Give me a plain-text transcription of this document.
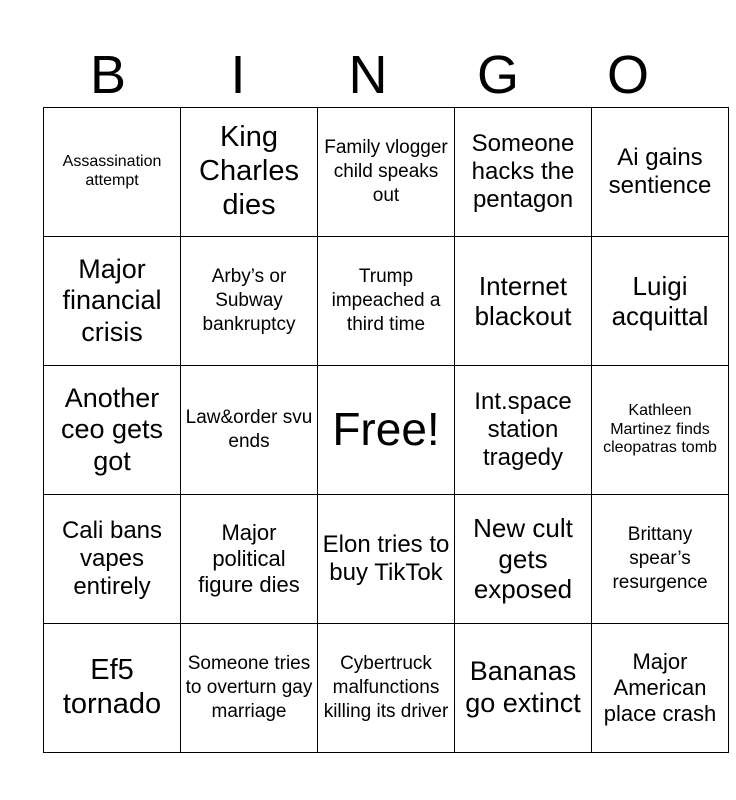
B	I	N	G	O
Assassination attempt	King Charles dies	Family vlogger child speaks out	Someone hacks the pentagon	Ai gains sentience
Major financial crisis	Arby’s or Subway bankruptcy	Trump impeached a third time	Internet blackout	Luigi acquittal
Another ceo gets got	Law&order svu ends	Free!	Int.space station tragedy	Kathleen Martinez finds cleopatras tomb
Cali bans vapes entirely	Major political figure dies	Elon tries to buy TikTok	New cult gets exposed	Brittany spear’s resurgence
Ef5 tornado	Someone tries to overturn gay marriage	Cybertruck malfunctions killing its driver	Bananas go extinct	Major American place crash
